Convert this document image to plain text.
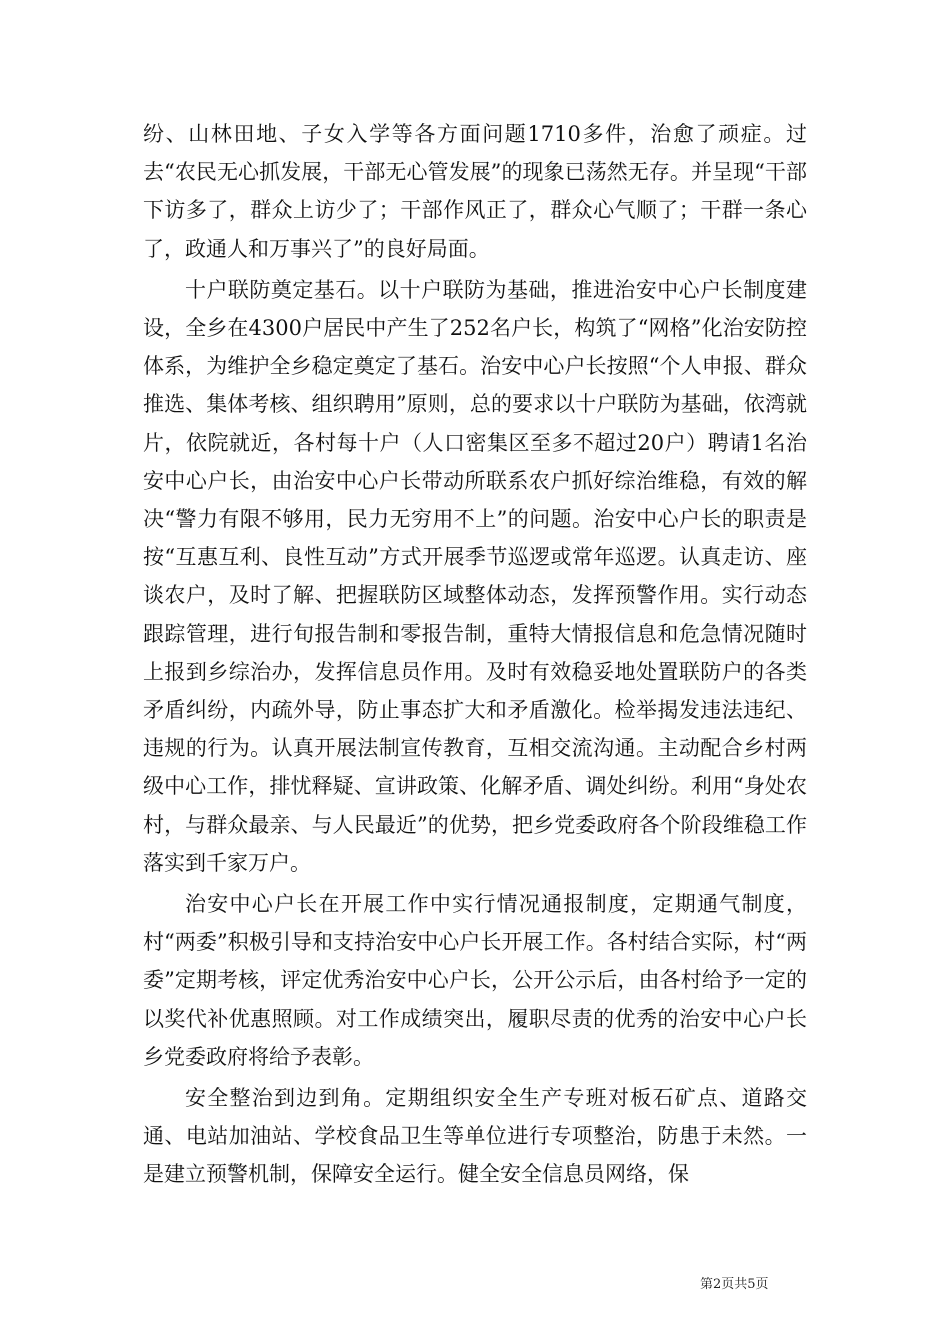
纷、山林田地、子女入学等各方面问题1710多件，治愈了顽症。过去“农民无心抓发展，干部无心管发展”的现象已荡然无存。并呈现“干部下访多了，群众上访少了；干部作风正了，群众心气顺了；干群一条心了，政通人和万事兴了”的良好局面。

十户联防奠定基石。以十户联防为基础，推进治安中心户长制度建设，全乡在4300户居民中产生了252名户长，构筑了“网格”化治安防控体系，为维护全乡稳定奠定了基石。治安中心户长按照“个人申报、群众推选、集体考核、组织聘用”原则，总的要求以十户联防为基础，依湾就片，依院就近，各村每十户（人口密集区至多不超过20户）聘请1名治安中心户长，由治安中心户长带动所联系农户抓好综治维稳，有效的解决“警力有限不够用，民力无穷用不上”的问题。治安中心户长的职责是按“互惠互利、良性互动”方式开展季节巡逻或常年巡逻。认真走访、座谈农户，及时了解、把握联防区域整体动态，发挥预警作用。实行动态跟踪管理，进行旬报告制和零报告制，重特大情报信息和危急情况随时上报到乡综治办，发挥信息员作用。及时有效稳妥地处置联防户的各类矛盾纠纷，内疏外导，防止事态扩大和矛盾激化。检举揭发违法违纪、违规的行为。认真开展法制宣传教育，互相交流沟通。主动配合乡村两级中心工作，排忧释疑、宣讲政策、化解矛盾、调处纠纷。利用“身处农村，与群众最亲、与人民最近”的优势，把乡党委政府各个阶段维稳工作落实到千家万户。

治安中心户长在开展工作中实行情况通报制度，定期通气制度，村“两委”积极引导和支持治安中心户长开展工作。各村结合实际，村“两委”定期考核，评定优秀治安中心户长，公开公示后，由各村给予一定的以奖代补优惠照顾。对工作成绩突出，履职尽责的优秀的治安中心户长乡党委政府将给予表彰。

安全整治到边到角。定期组织安全生产专班对板石矿点、道路交通、电站加油站、学校食品卫生等单位进行专项整治，防患于未然。一是建立预警机制，保障安全运行。健全安全信息员网络，保

第2页共5页
